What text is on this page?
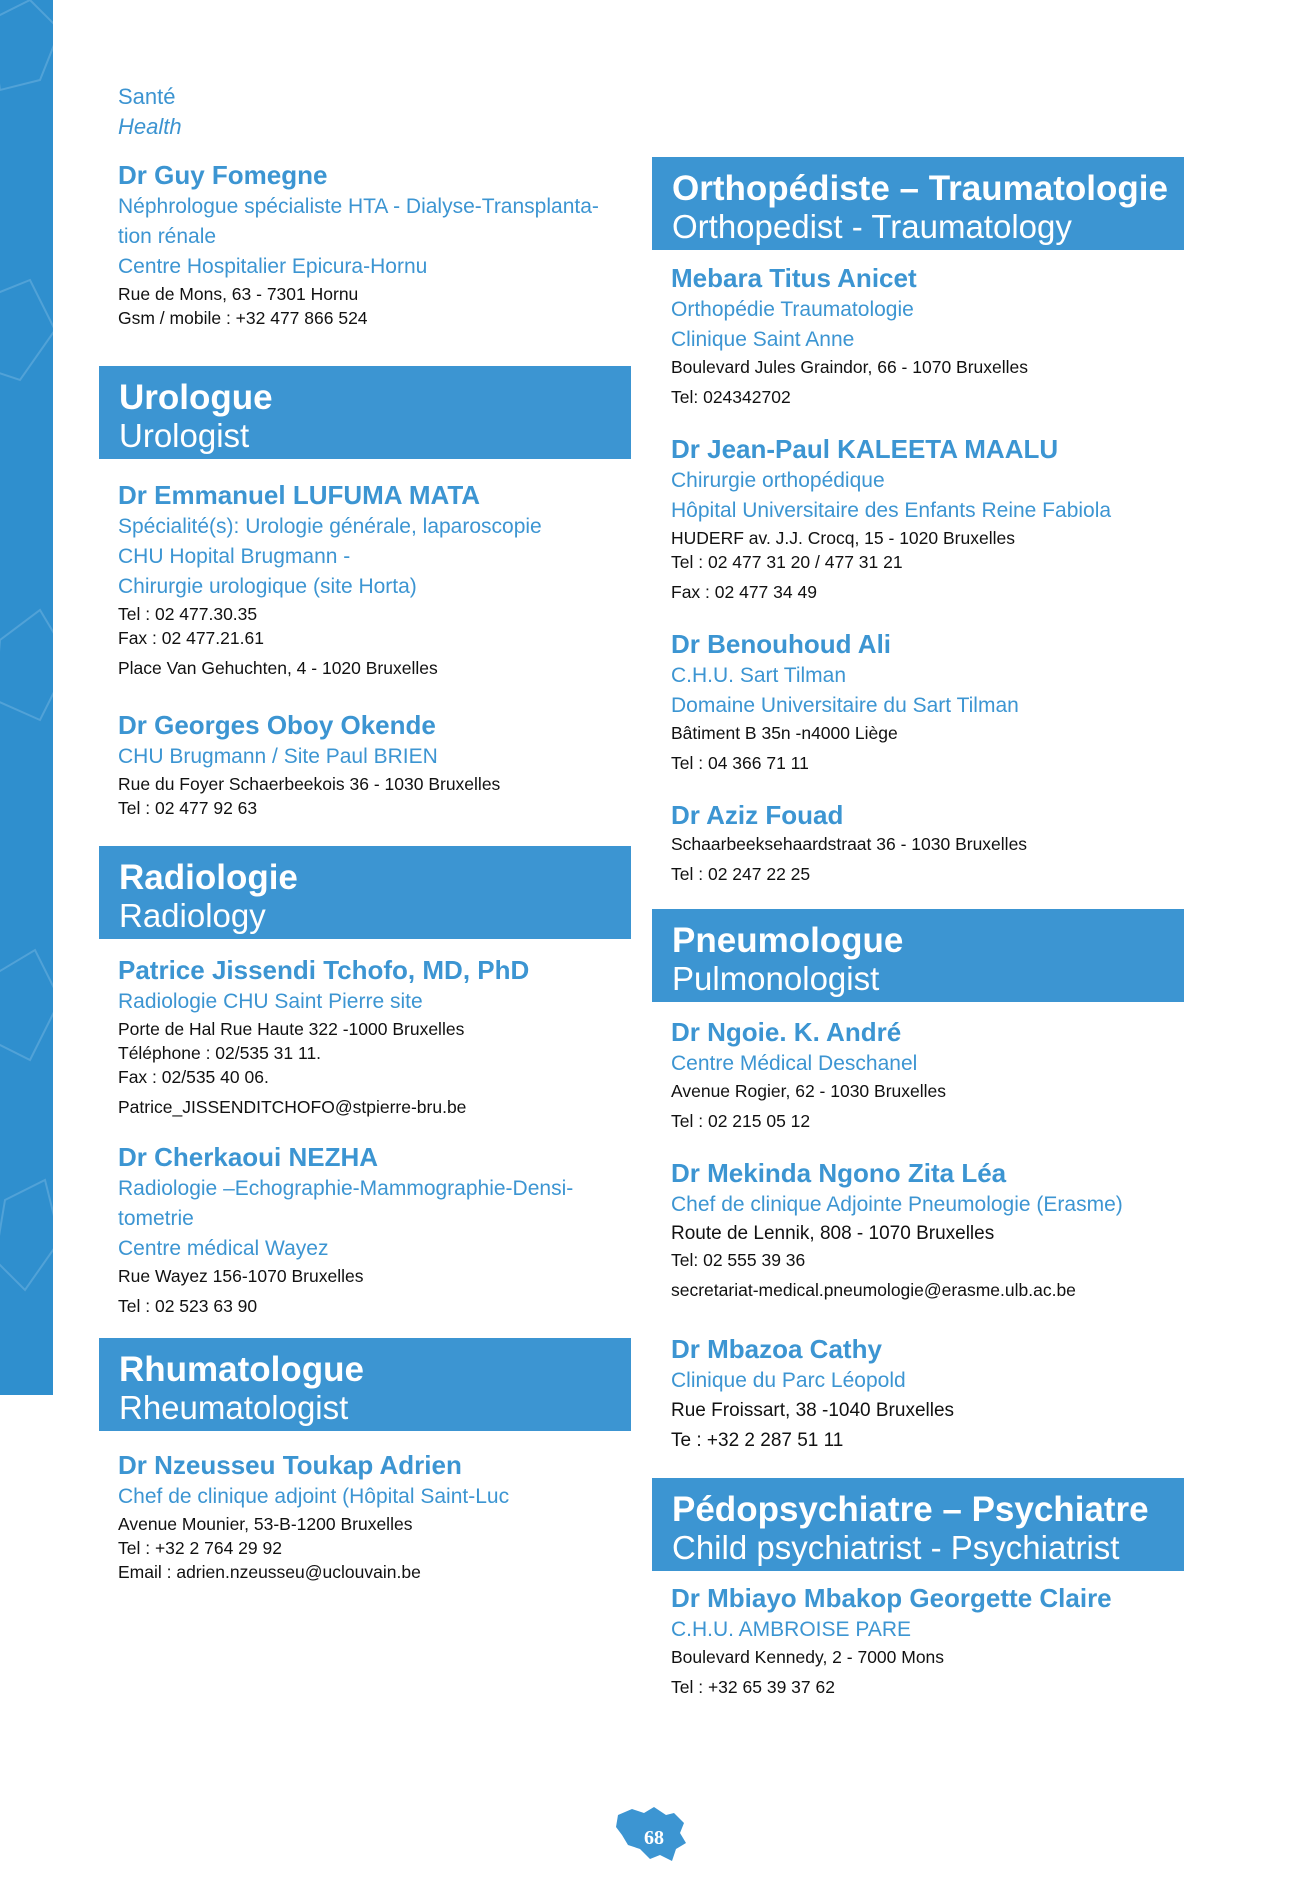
Santé
Health
Dr Guy Fomegne
Néphrologue spécialiste HTA - Dialyse-Transplanta-
tion rénale
Centre Hospitalier Epicura-Hornu
Rue de Mons, 63 - 7301 Hornu
Gsm / mobile : +32 477 866 524
Urologue
Urologist
Dr Emmanuel LUFUMA MATA
Spécialité(s): Urologie générale, laparoscopie
CHU Hopital Brugmann -
Chirurgie urologique (site Horta)
Tel : 02 477.30.35
Fax : 02 477.21.61
Place Van Gehuchten, 4 - 1020 Bruxelles
Dr Georges Oboy Okende
CHU Brugmann / Site Paul BRIEN
Rue du Foyer Schaerbeekois 36 - 1030 Bruxelles
Tel : 02 477 92 63
Radiologie
Radiology
Patrice Jissendi Tchofo, MD, PhD
Radiologie CHU Saint Pierre site
Porte de Hal Rue Haute 322 -1000 Bruxelles
Téléphone : 02/535 31 11.
Fax : 02/535 40 06.
Patrice_JISSENDITCHOFO@stpierre-bru.be
Dr Cherkaoui NEZHA
Radiologie –Echographie-Mammographie-Densi-
tometrie
Centre médical Wayez
Rue Wayez 156-1070 Bruxelles
Tel : 02 523 63 90
Rhumatologue
Rheumatologist
Dr Nzeusseu Toukap Adrien
Chef de clinique adjoint (Hôpital Saint-Luc
Avenue Mounier, 53-B-1200 Bruxelles
Tel : +32 2 764 29 92
Email : adrien.nzeusseu@uclouvain.be
Orthopédiste – Traumatologie
Orthopedist - Traumatology
Mebara Titus Anicet
Orthopédie Traumatologie
Clinique Saint Anne
Boulevard Jules Graindor, 66 - 1070 Bruxelles
Tel: 024342702
Dr Jean-Paul KALEETA MAALU
Chirurgie orthopédique
Hôpital Universitaire des Enfants Reine Fabiola
HUDERF av. J.J. Crocq, 15 - 1020 Bruxelles
Tel : 02 477 31 20 / 477 31 21
Fax : 02 477 34 49
Dr Benouhoud Ali
C.H.U. Sart Tilman
Domaine Universitaire du Sart Tilman
Bâtiment B 35n -n4000 Liège
Tel : 04 366 71 11
Dr Aziz Fouad
Schaarbeeksehaardstraat 36 - 1030 Bruxelles
Tel : 02 247 22 25
Pneumologue
Pulmonologist
Dr Ngoie. K. André
Centre Médical Deschanel
Avenue Rogier, 62 - 1030 Bruxelles
Tel : 02 215 05 12
Dr Mekinda Ngono Zita Léa
Chef de clinique Adjointe Pneumologie (Erasme)
Route de Lennik, 808 - 1070 Bruxelles
Tel: 02 555 39 36
secretariat-medical.pneumologie@erasme.ulb.ac.be
Dr Mbazoa Cathy
Clinique du Parc Léopold
Rue Froissart, 38 -1040 Bruxelles
Te : +32 2 287 51 11
Pédopsychiatre – Psychiatre
Child psychiatrist - Psychiatrist
Dr Mbiayo Mbakop Georgette Claire
C.H.U. AMBROISE PARE
Boulevard Kennedy, 2 - 7000 Mons
Tel : +32 65 39 37 62
68
